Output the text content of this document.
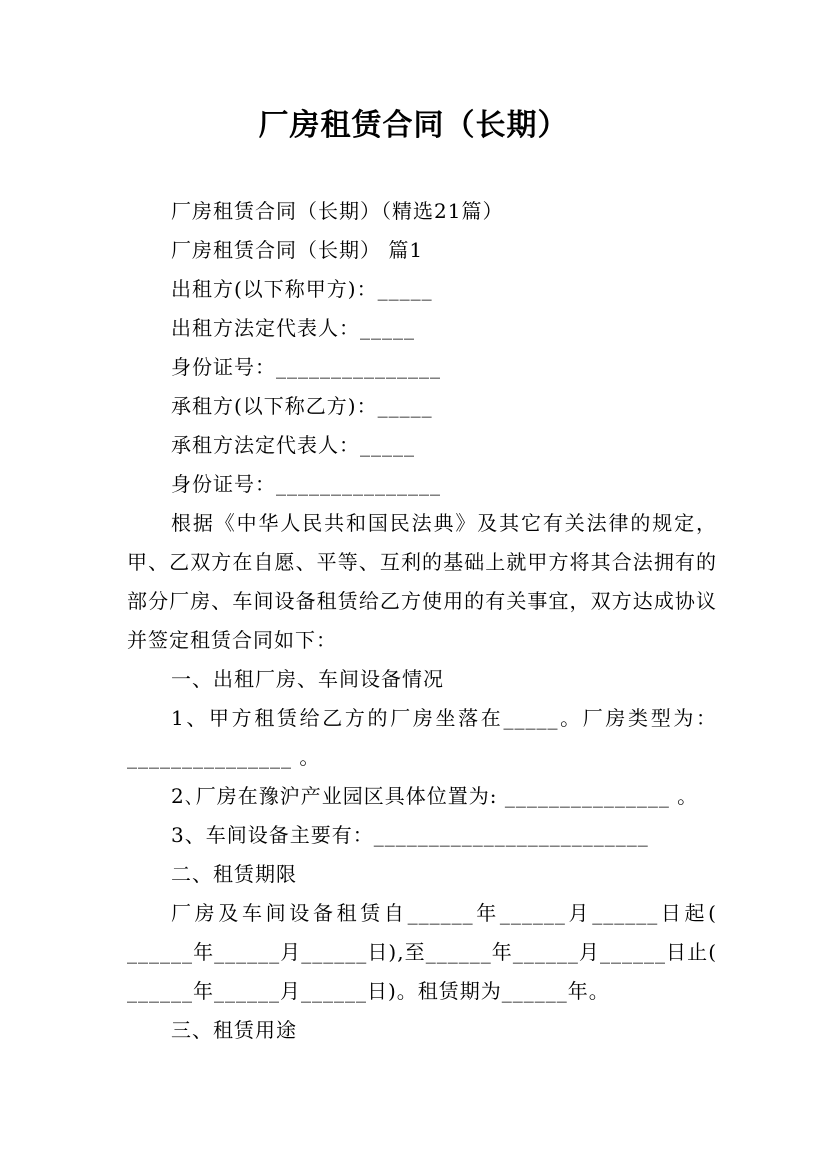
厂房租赁合同（长期）

厂房租赁合同（长期）（精选21篇）

厂房租赁合同（长期） 篇1

出租方(以下称甲方)：_____

出租方法定代表人：_____

身份证号：_______________

承租方(以下称乙方)：_____

承租方法定代表人：_____

身份证号：_______________

根据《中华人民共和国民法典》及其它有关法律的规定，甲、乙双方在自愿、平等、互利的基础上就甲方将其合法拥有的部分厂房、车间设备租赁给乙方使用的有关事宜，双方达成协议并签定租赁合同如下：

一、出租厂房、车间设备情况

1、甲方租赁给乙方的厂房坐落在_____。厂房类型为：_______________ 。

2､厂房在豫沪产业园区具体位置为: _______________ 。

3、车间设备主要有：_________________________

二、租赁期限

厂房及车间设备租赁自______年______月______日起( ______年______月______日),至______年______月______日止( ______年______月______日)。租赁期为______年。

三、租赁用途
